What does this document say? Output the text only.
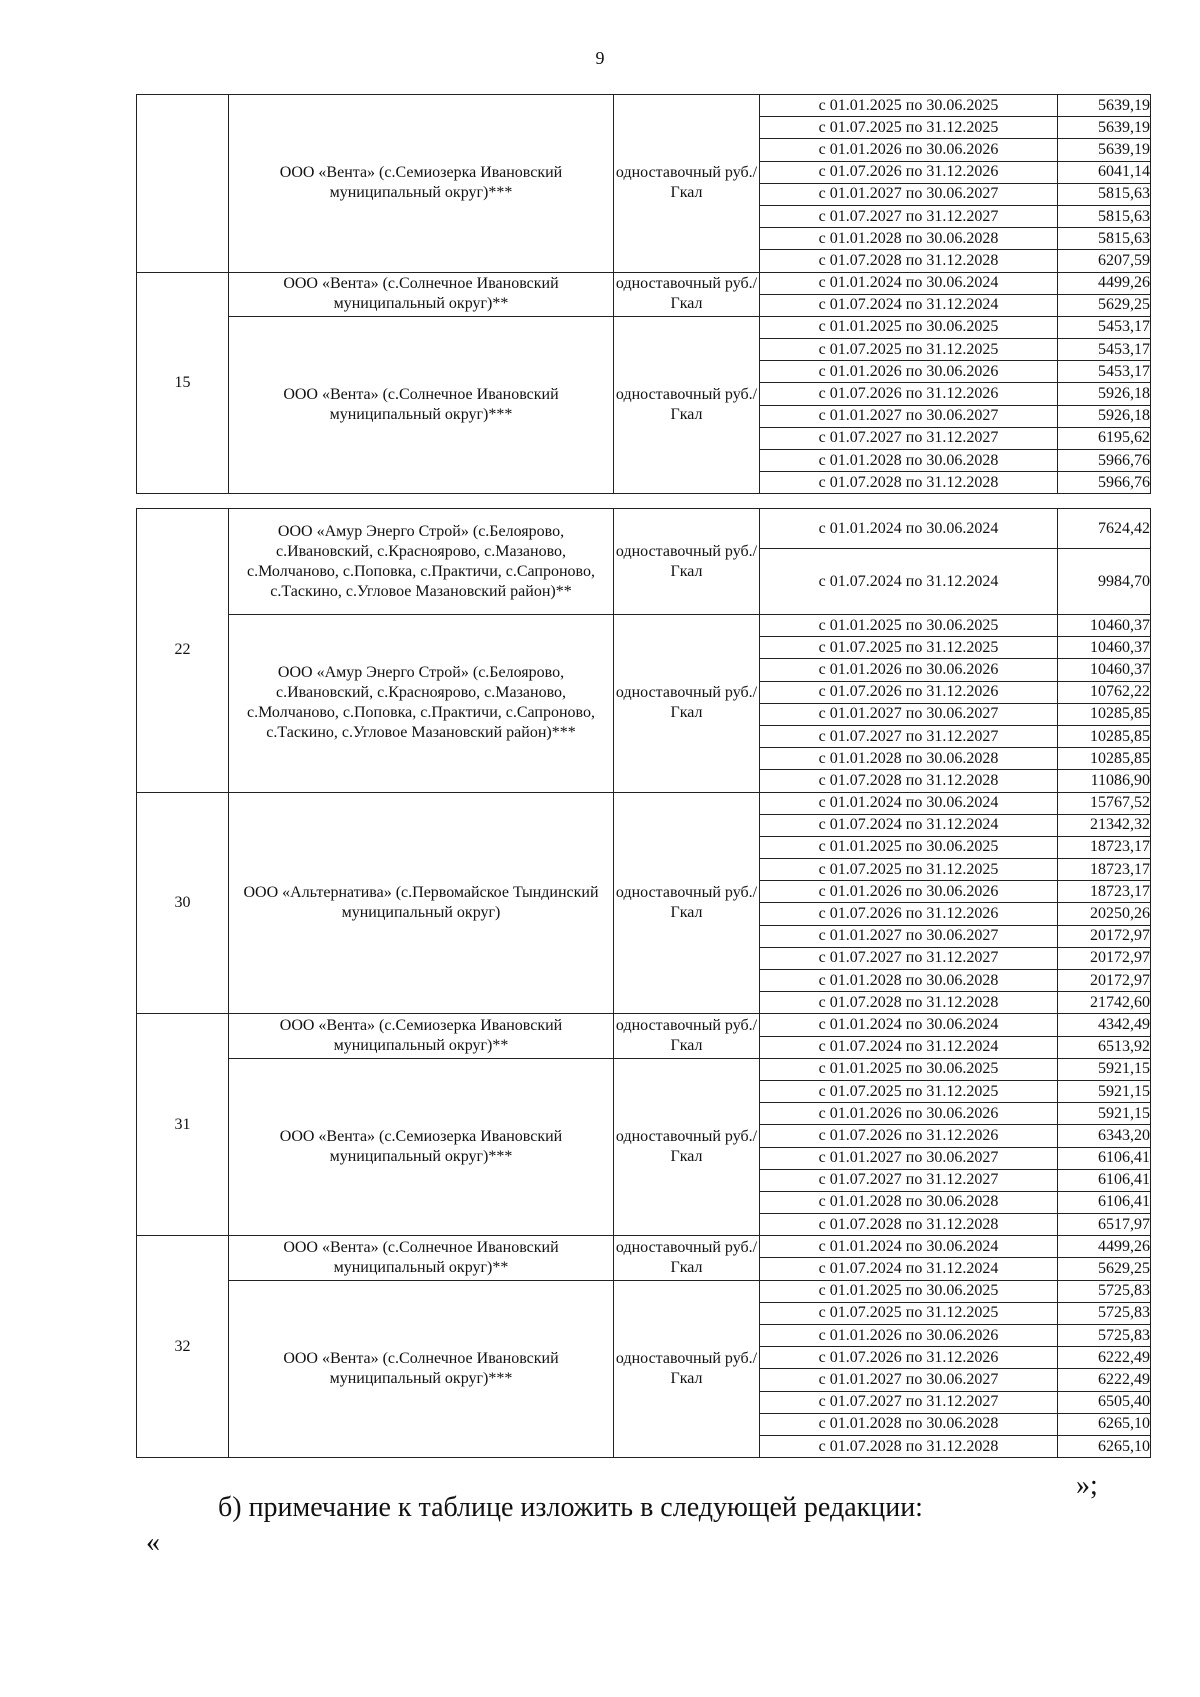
9
	ООО «Вента» (с.Семиозерка Ивановский муниципальный округ)***	одноставочный руб./Гкал	с 01.01.2025 по 30.06.2025	5639,19
			с 01.07.2025 по 31.12.2025	5639,19
			с 01.01.2026 по 30.06.2026	5639,19
			с 01.07.2026 по 31.12.2026	6041,14
			с 01.01.2027 по 30.06.2027	5815,63
			с 01.07.2027 по 31.12.2027	5815,63
			с 01.01.2028 по 30.06.2028	5815,63
			с 01.07.2028 по 31.12.2028	6207,59
15	ООО «Вента» (с.Солнечное Ивановский муниципальный округ)**	одноставочный руб./Гкал	с 01.01.2024 по 30.06.2024	4499,26
			с 01.07.2024 по 31.12.2024	5629,25
	ООО «Вента» (с.Солнечное Ивановский муниципальный округ)***	одноставочный руб./Гкал	с 01.01.2025 по 30.06.2025	5453,17
			с 01.07.2025 по 31.12.2025	5453,17
			с 01.01.2026 по 30.06.2026	5453,17
			с 01.07.2026 по 31.12.2026	5926,18
			с 01.01.2027 по 30.06.2027	5926,18
			с 01.07.2027 по 31.12.2027	6195,62
			с 01.01.2028 по 30.06.2028	5966,76
			с 01.07.2028 по 31.12.2028	5966,76
22	ООО «Амур Энерго Строй» (с.Белоярово, с.Ивановский, с.Красноярово, с.Мазаново, с.Молчаново, с.Поповка, с.Практичи, с.Сапроново, с.Таскино, с.Угловое Мазановский район)**	одноставочный руб./Гкал	с 01.01.2024 по 30.06.2024	7624,42
			с 01.07.2024 по 31.12.2024	9984,70
	ООО «Амур Энерго Строй» (с.Белоярово, с.Ивановский, с.Красноярово, с.Мазаново, с.Молчаново, с.Поповка, с.Практичи, с.Сапроново, с.Таскино, с.Угловое Мазановский район)***	одноставочный руб./Гкал	с 01.01.2025 по 30.06.2025	10460,37
			с 01.07.2025 по 31.12.2025	10460,37
			с 01.01.2026 по 30.06.2026	10460,37
			с 01.07.2026 по 31.12.2026	10762,22
			с 01.01.2027 по 30.06.2027	10285,85
			с 01.07.2027 по 31.12.2027	10285,85
			с 01.01.2028 по 30.06.2028	10285,85
			с 01.07.2028 по 31.12.2028	11086,90
30	ООО «Альтернатива» (с.Первомайское Тындинский муниципальный округ)	одноставочный руб./Гкал	с 01.01.2024 по 30.06.2024	15767,52
			с 01.07.2024 по 31.12.2024	21342,32
			с 01.01.2025 по 30.06.2025	18723,17
			с 01.07.2025 по 31.12.2025	18723,17
			с 01.01.2026 по 30.06.2026	18723,17
			с 01.07.2026 по 31.12.2026	20250,26
			с 01.01.2027 по 30.06.2027	20172,97
			с 01.07.2027 по 31.12.2027	20172,97
			с 01.01.2028 по 30.06.2028	20172,97
			с 01.07.2028 по 31.12.2028	21742,60
31	ООО «Вента» (с.Семиозерка Ивановский муниципальный округ)**	одноставочный руб./Гкал	с 01.01.2024 по 30.06.2024	4342,49
			с 01.07.2024 по 31.12.2024	6513,92
	ООО «Вента» (с.Семиозерка Ивановский муниципальный округ)***	одноставочный руб./Гкал	с 01.01.2025 по 30.06.2025	5921,15
			с 01.07.2025 по 31.12.2025	5921,15
			с 01.01.2026 по 30.06.2026	5921,15
			с 01.07.2026 по 31.12.2026	6343,20
			с 01.01.2027 по 30.06.2027	6106,41
			с 01.07.2027 по 31.12.2027	6106,41
			с 01.01.2028 по 30.06.2028	6106,41
			с 01.07.2028 по 31.12.2028	6517,97
32	ООО «Вента» (с.Солнечное Ивановский муниципальный округ)**	одноставочный руб./Гкал	с 01.01.2024 по 30.06.2024	4499,26
			с 01.07.2024 по 31.12.2024	5629,25
	ООО «Вента» (с.Солнечное Ивановский муниципальный округ)***	одноставочный руб./Гкал	с 01.01.2025 по 30.06.2025	5725,83
			с 01.07.2025 по 31.12.2025	5725,83
			с 01.01.2026 по 30.06.2026	5725,83
			с 01.07.2026 по 31.12.2026	6222,49
			с 01.01.2027 по 30.06.2027	6222,49
			с 01.07.2027 по 31.12.2027	6505,40
			с 01.01.2028 по 30.06.2028	6265,10
			с 01.07.2028 по 31.12.2028	6265,10
»;
б) примечание к таблице изложить в следующей редакции:
«
